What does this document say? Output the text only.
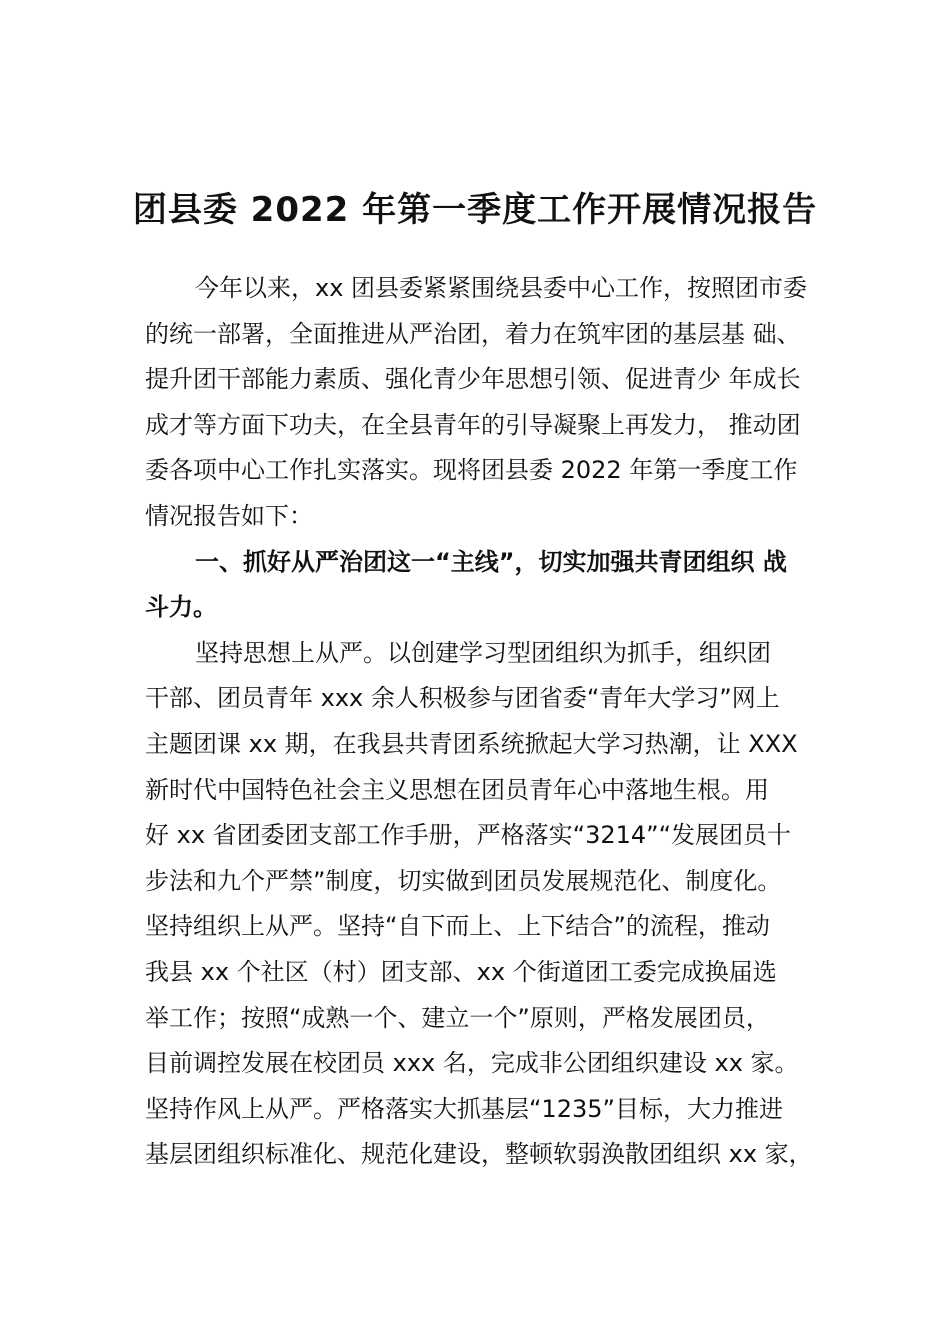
团县委 2022 年第一季度工作开展情况报告
今年以来，xx 团县委紧紧围绕县委中心工作，按照团市委
的统一部署，全面推进从严治团，着力在筑牢团的基层基 础、
提升团干部能力素质、强化青少年思想引领、促进青少 年成长
成才等方面下功夫，在全县青年的引导凝聚上再发力， 推动团
委各项中心工作扎实落实。现将团县委 2022 年第一季度工作
情况报告如下：
一、抓好从严治团这一“主线”，切实加强共青团组织 战
斗力。
坚持思想上从严。以创建学习型团组织为抓手，组织团
干部、团员青年 xxx 余人积极参与团省委“青年大学习”网上
主题团课 xx 期，在我县共青团系统掀起大学习热潮，让 XXX
新时代中国特色社会主义思想在团员青年心中落地生根。用
好 xx 省团委团支部工作手册，严格落实“3214”“发展团员十
步法和九个严禁”制度，切实做到团员发展规范化、制度化。
坚持组织上从严。坚持“自下而上、上下结合”的流程，推动
我县 xx 个社区（村）团支部、xx 个街道团工委完成换届选
举工作；按照“成熟一个、建立一个”原则，严格发展团员，
目前调控发展在校团员 xxx 名，完成非公团组织建设 xx 家。
坚持作风上从严。严格落实大抓基层“1235”目标，大力推进
基层团组织标准化、规范化建设，整顿软弱涣散团组织 xx 家，
